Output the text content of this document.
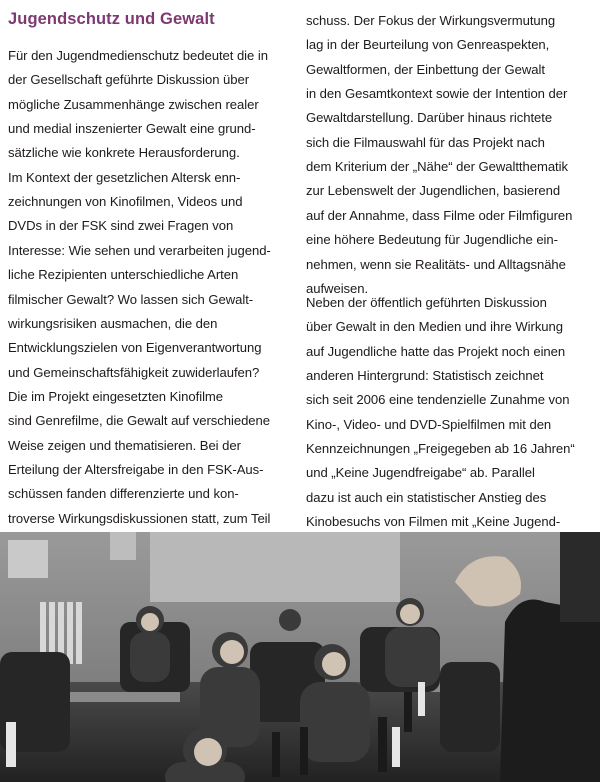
Jugendschutz und Gewalt
Für den Jugendmedienschutz bedeutet die in
der Gesellschaft geführte Diskussion über
mögliche Zusammenhänge zwischen realer
und medial inszenierter Gewalt eine grund-
sätzliche wie konkrete Herausforderung.
Im Kontext der gesetzlichen Altersk enn-
zeichnungen von Kinofilmen, Videos und
DVDs in der FSK sind zwei Fragen von
Interesse: Wie sehen und verarbeiten jugend-
liche Rezipienten unterschiedliche Arten
filmischer Gewalt? Wo lassen sich Gewalt-
wirkungsrisiken ausmachen, die den
Entwicklungszielen von Eigenverantwortung
und Gemeinschaftsfähigkeit zuwiderlaufen?
Die im Projekt eingesetzten Kinofilme
sind Genrefilme, die Gewalt auf verschiedene
Weise zeigen und thematisieren. Bei der
Erteilung der Altersfreigabe in den FSK-Aus-
schüssen fanden differenzierte und kon-
troverse Wirkungsdiskussionen statt, zum Teil
schuss. Der Fokus der Wirkungsvermutung
lag in der Beurteilung von Genreaspekten,
Gewaltformen, der Einbettung der Gewalt
in den Gesamtkontext sowie der Intention der
Gewaltdarstellung. Darüber hinaus richtete
sich die Filmauswahl für das Projekt nach
dem Kriterium der „Nähe“ der Gewaltthematik
zur Lebenswelt der Jugendlichen, basierend
auf der Annahme, dass Filme oder Filmfiguren
eine höhere Bedeutung für Jugendliche ein-
nehmen, wenn sie Realitäts- und Alltagsnähe
aufweisen.
Neben der öffentlich geführten Diskussion
über Gewalt in den Medien und ihre Wirkung
auf Jugendliche hatte das Projekt noch einen
anderen Hintergrund: Statistisch zeichnet
sich seit 2006 eine tendenzielle Zunahme von
Kino-, Video- und DVD-Spielfilmen mit den
Kennzeichnungen „Freigegeben ab 16 Jahren“
und „Keine Jugendfreigabe“ ab. Parallel
dazu ist auch ein statistischer Anstieg des
Kinobesuchs von Filmen mit „Keine Jugend-
